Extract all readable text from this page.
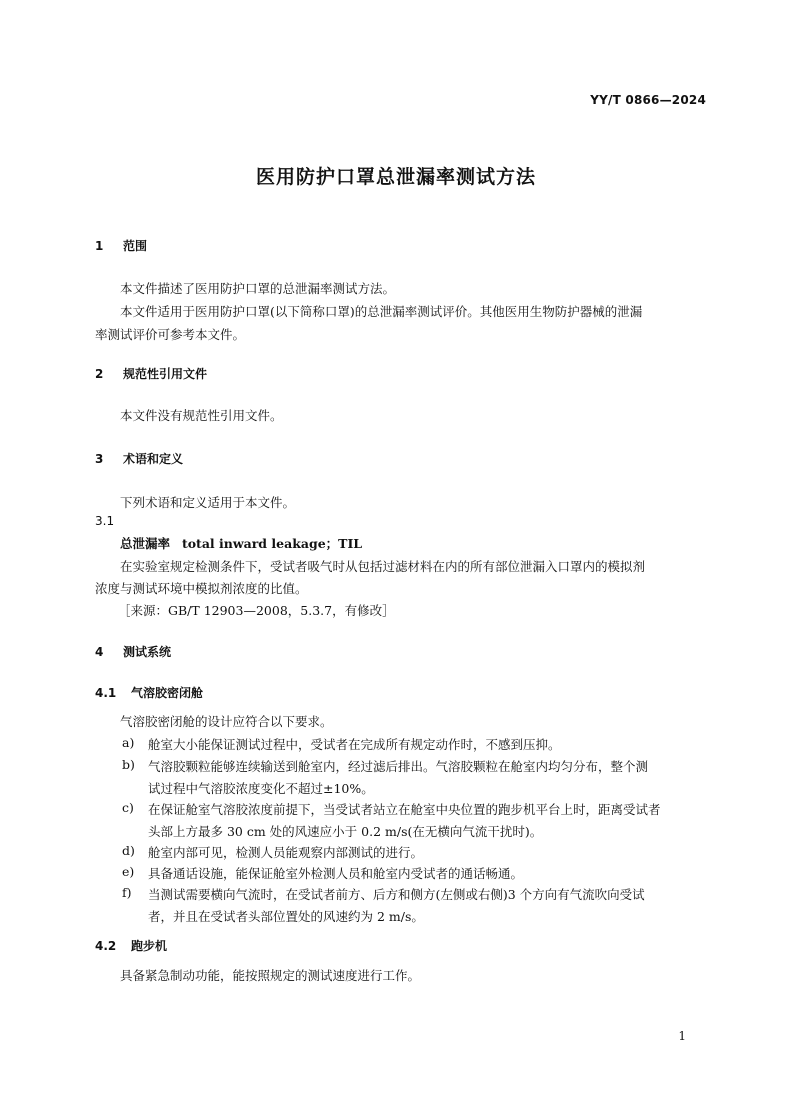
YY/T 0866—2024
医用防护口罩总泄漏率测试方法
1 范围
本文件描述了医用防护口罩的总泄漏率测试方法。
本文件适用于医用防护口罩(以下简称口罩)的总泄漏率测试评价。其他医用生物防护器械的泄漏
率测试评价可参考本文件。
2 规范性引用文件
本文件没有规范性引用文件。
3 术语和定义
下列术语和定义适用于本文件。
3.1
总泄漏率 total inward leakage；TIL
在实验室规定检测条件下，受试者吸气时从包括过滤材料在内的所有部位泄漏入口罩内的模拟剂
浓度与测试环境中模拟剂浓度的比值。
［来源：GB/T 12903—2008，5.3.7，有修改］
4 测试系统
4.1 气溶胶密闭舱
气溶胶密闭舱的设计应符合以下要求。
a) 舱室大小能保证测试过程中，受试者在完成所有规定动作时，不感到压抑。
b) 气溶胶颗粒能够连续输送到舱室内，经过滤后排出。气溶胶颗粒在舱室内均匀分布，整个测
试过程中气溶胶浓度变化不超过±10%。
c) 在保证舱室气溶胶浓度前提下，当受试者站立在舱室中央位置的跑步机平台上时，距离受试者
头部上方最多 30 cm 处的风速应小于 0.2 m/s(在无横向气流干扰时)。
d) 舱室内部可见，检测人员能观察内部测试的进行。
e) 具备通话设施，能保证舱室外检测人员和舱室内受试者的通话畅通。
f) 当测试需要横向气流时，在受试者前方、后方和侧方(左侧或右侧)3 个方向有气流吹向受试
者，并且在受试者头部位置处的风速约为 2 m/s。
4.2 跑步机
具备紧急制动功能，能按照规定的测试速度进行工作。
1
